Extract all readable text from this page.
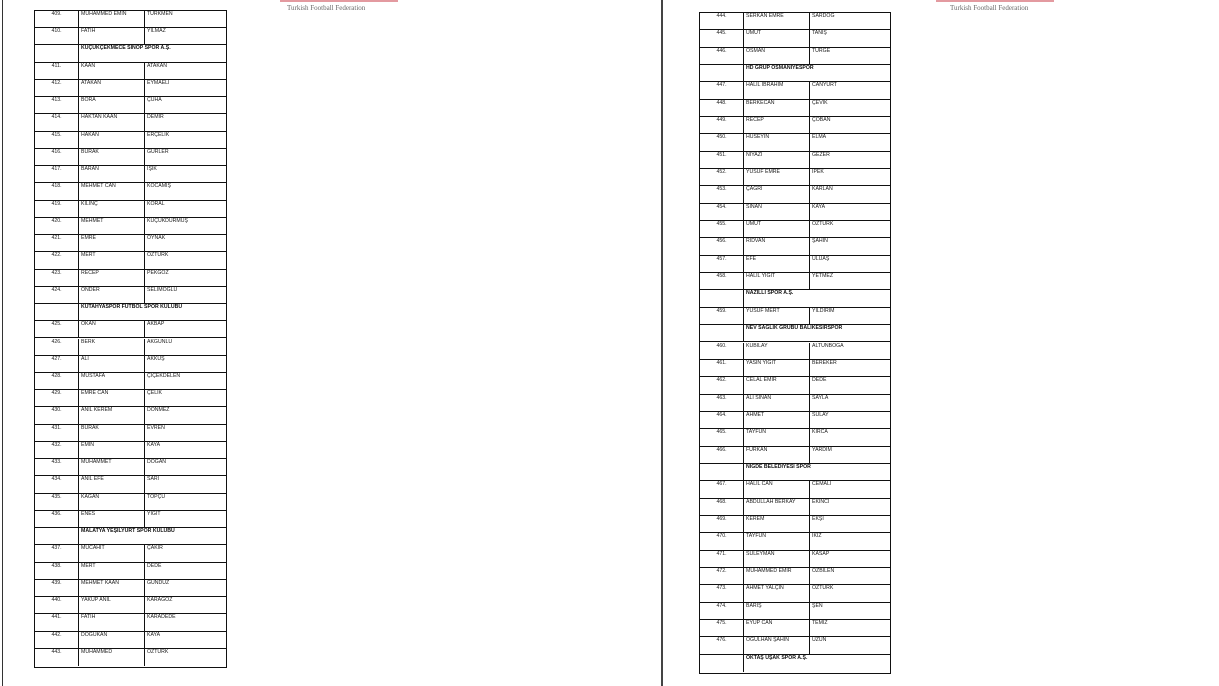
Turkish Football Federation	Turkish Football Federation
409.	MUHAMMED EMIN	TÜRKMEN
410.	FATİH	YILMAZ
KÜÇÜKÇEKMECE SİNOP SPOR A.Ş.
411.	KAAN	ATAKAN
412.	ATAKAN	EYMAELİ
413.	BORA	ÇUHA
414.	HAKTAN KAAN	DEMİR
415.	HAKAN	ERÇELİK
416.	BURAK	GÜRLER
417.	BARAN	IŞIK
418.	MEHMET CAN	KOCAMIŞ
419.	KILINÇ	KORAL
420.	MEHMET	KÜÇÜKDURMUŞ
421.	EMRE	OYNAK
422.	MERT	ÖZTÜRK
423.	RECEP	PEKGÖZ
424.	ONDER	SELİMOĞLU
KÜTAHYASPOR FUTBOL SPOR KULÜBÜ
425.	OKAN	AKBAP
426.	BERK	AKGÜNLÜ
427.	ALİ	AKKUŞ
428.	MUSTAFA	ÇİÇEKDELEN
429.	EMRE CAN	ÇELİK
430.	ANIL KEREM	DÖNMEZ
431.	BURAK	EVREN
432.	EMİN	KAYA
433.	MUHAMMET	DOĞAN
434.	ANIL EFE	SARI
435.	KAĞAN	TOPÇU
436.	ENES	YİĞİT
MALATYA YEŞİLYURT SPOR KULÜBÜ
437.	MUCAHİT	ÇAKIR
438.	MERT	DEDE
439.	MEHMET KAAN	GÜNDÜZ
440.	YAKUP ANIL	KARAGÖZ
441.	FATİH	KARADEDE
442.	DOĞUKAN	KAYA
443.	MUHAMMED	ÖZTÜRK
444.	SERKAN EMRE	SARDOĞ
445.	UMUT	TANIŞ
446.	OSMAN	TÜRGE
HD GRUP OSMANİYESPOR
447.	HALİL İBRAHİM	CANYURT
448.	BERKECAN	ÇEVİK
449.	RECEP	ÇOBAN
450.	HÜSEYİN	ELMA
451.	NİYAZİ	GEZER
452.	YUSUF EMRE	İPEK
453.	ÇAĞRI	KARLAN
454.	SİNAN	KAYA
455.	UMUT	ÖZTÜRK
456.	RIDVAN	ŞAHİN
457.	EFE	ULUAŞ
458.	HALİL YİĞİT	YETMEZ
NAZİLLİ SPOR A.Ş.
459.	YUSUF MERT	YILDIRIM
NEV SAĞLIK GRUBU BALIKESİRSPOR
460.	KUBİLAY	ALTUNBOĞA
461.	YASİN YİĞİT	BEREKER
462.	CELAL EMİR	DEDE
463.	ALİ SİNAN	SAYLA
464.	AHMET	SULAY
465.	TAYFUN	KIRCA
466.	FURKAN	YARDIM
NİĞDE BELEDİYESİ SPOR
467.	HALİL CAN	CEMALİ
468.	ABDULLAH BERKAY	EKİNCİ
469.	KEREM	EKŞİ
470.	TAYFUN	İKİZ
471.	SÜLEYMAN	KASAP
472.	MUHAMMED EMİR	ÖZBİLEN
473.	AHMET YALÇIN	ÖZTÜRK
474.	BARIŞ	ŞEN
475.	EYÜP CAN	TEMİZ
476.	OĞULHAN ŞAHİN	UZUN
OKTAŞ UŞAK SPOR A.Ş.
